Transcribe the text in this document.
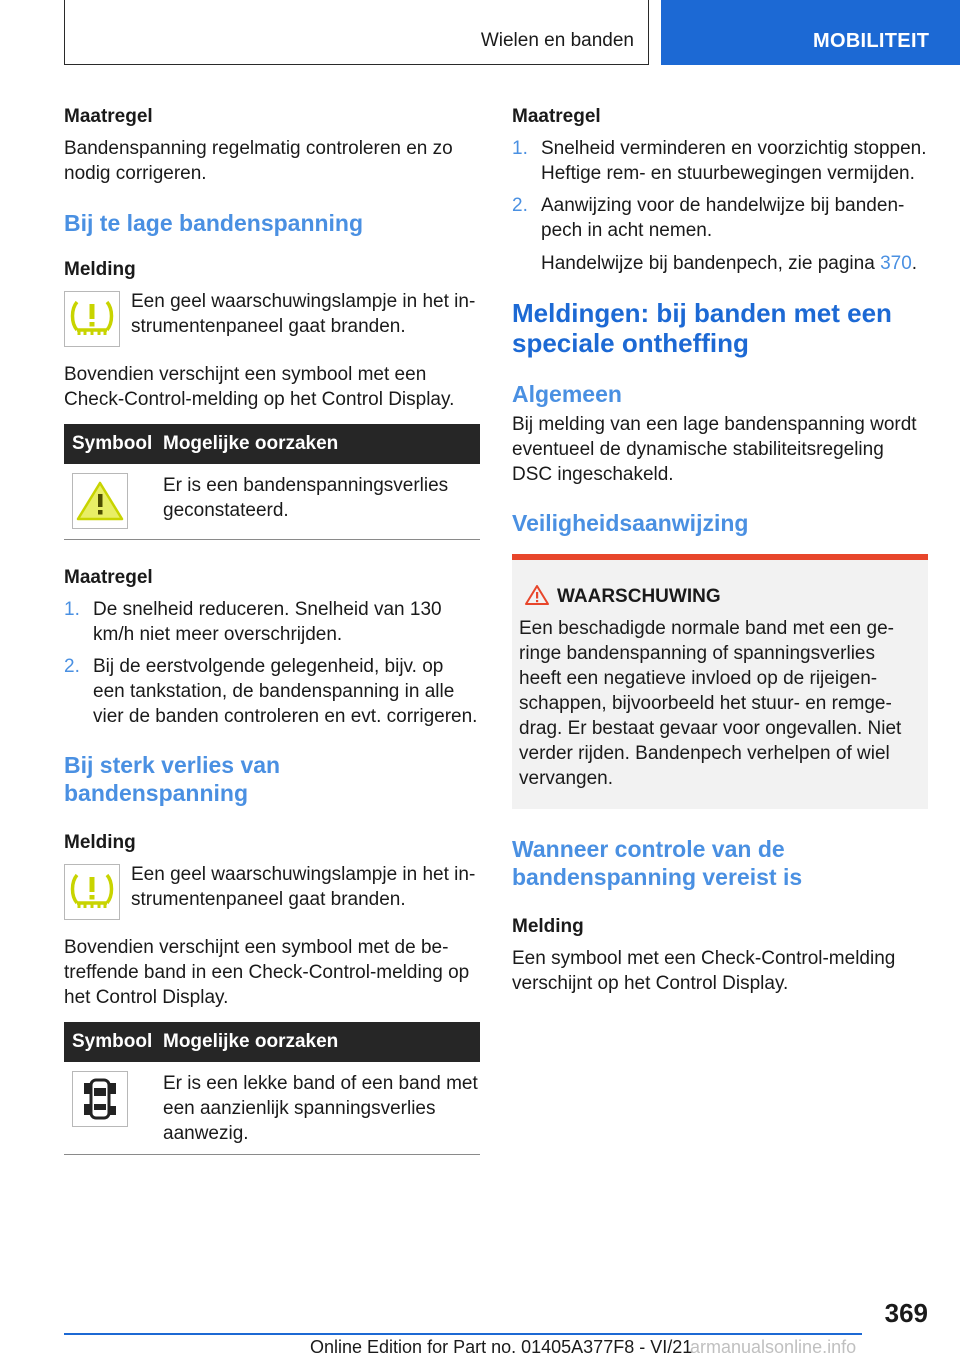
Wielen en banden	MOBILITEIT
Maatregel
Bandenspanning regelmatig controleren en zo nodig corrigeren.
Bij te lage bandenspanning
Melding
Een geel waarschuwingslampje in het instrumentenpaneel gaat branden.
Bovendien verschijnt een symbool met een Check-Control-melding op het Control Display.
Symbool	Mogelijke oorzaken

	Er is een bandenspanningsverlies geconstateerd.
Maatregel
1. De snelheid reduceren. Snelheid van 130 km/h niet meer overschrijden.
2. Bij de eerstvolgende gelegenheid, bijv. op een tankstation, de bandenspanning in alle vier de banden controleren en evt. corrigeren.
Bij sterk verlies van bandenspanning
Melding
Een geel waarschuwingslampje in het instrumentenpaneel gaat branden.
Bovendien verschijnt een symbool met de betreffende band in een Check-Control-melding op het Control Display.
Symbool	Mogelijke oorzaken

	Er is een lekke band of een band met een aanzienlijk spanningsverlies aanwezig.
Maatregel
1. Snelheid verminderen en voorzichtig stoppen. Heftige rem- en stuurbewegingen vermijden.
2. Aanwijzing voor de handelwijze bij bandenpech in acht nemen.
Handelwijze bij bandenpech, zie pagina 370.
Meldingen: bij banden met een speciale ontheffing
Algemeen
Bij melding van een lage bandenspanning wordt eventueel de dynamische stabiliteitsregeling DSC ingeschakeld.
Veiligheidsaanwijzing
WAARSCHUWING
Een beschadigde normale band met een geringe bandenspanning of spanningsverlies heeft een negatieve invloed op de rijeigenschappen, bijvoorbeeld het stuur- en remgedrag. Er bestaat gevaar voor ongevallen. Niet verder rijden. Bandenpech verhelpen of wiel vervangen.
Wanneer controle van de bandenspanning vereist is
Melding
Een symbool met een Check-Control-melding verschijnt op het Control Display.
369
Online Edition for Part no. 01405A377F8 - VI/21
armanualsonline.info
